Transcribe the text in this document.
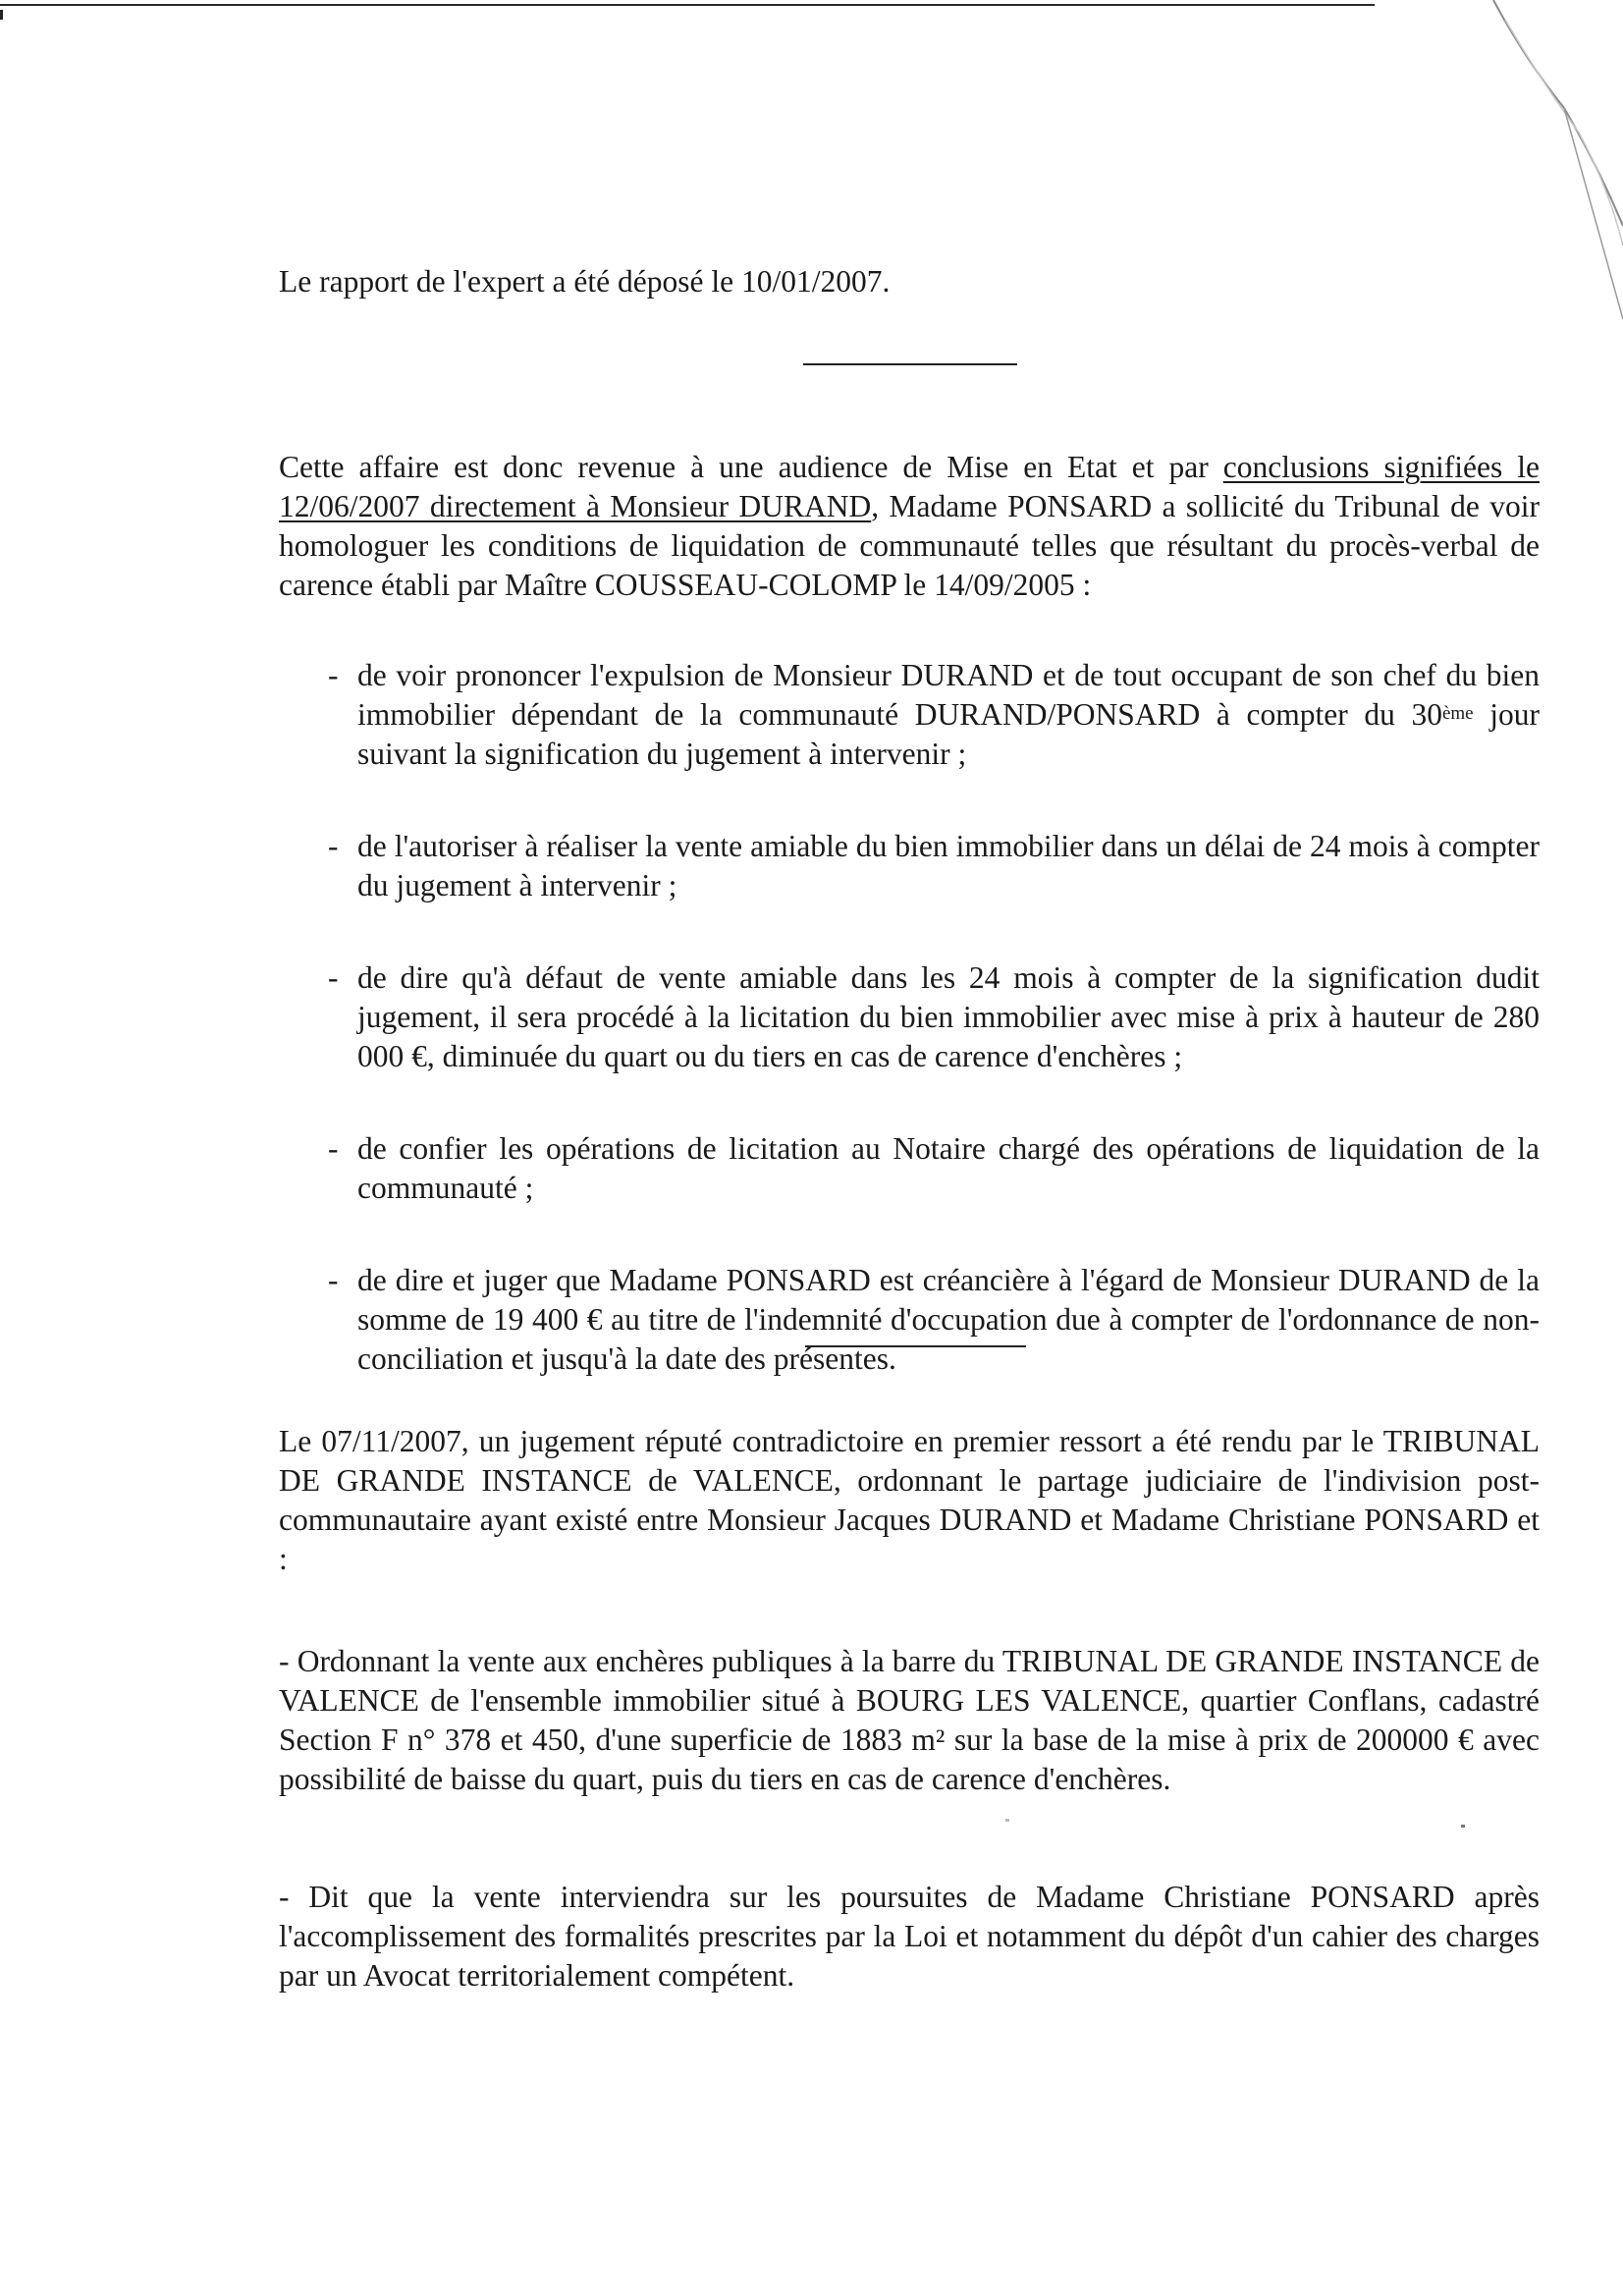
Le rapport de l'expert a été déposé le 10/01/2007.

Cette affaire est donc revenue à une audience de Mise en Etat et par conclusions signifiées le 12/06/2007 directement à Monsieur DURAND, Madame PONSARD a sollicité du Tribunal de voir homologuer les conditions de liquidation de communauté telles que résultant du procès-verbal de carence établi par Maître COUSSEAU-COLOMP le 14/09/2005 :

- de voir prononcer l'expulsion de Monsieur DURAND et de tout occupant de son chef du bien immobilier dépendant de la communauté DURAND/PONSARD à compter du 30ème jour suivant la signification du jugement à intervenir ;

- de l'autoriser à réaliser la vente amiable du bien immobilier dans un délai de 24 mois à compter du jugement à intervenir ;

- de dire qu'à défaut de vente amiable dans les 24 mois à compter de la signification dudit jugement, il sera procédé à la licitation du bien immobilier avec mise à prix à hauteur de 280 000 €, diminuée du quart ou du tiers en cas de carence d'enchères ;

- de confier les opérations de licitation au Notaire chargé des opérations de liquidation de la communauté ;

- de dire et juger que Madame PONSARD est créancière à l'égard de Monsieur DURAND de la somme de 19 400 € au titre de l'indemnité d'occupation due à compter de l'ordonnance de non-conciliation et jusqu'à la date des présentes.

Le 07/11/2007, un jugement réputé contradictoire en premier ressort a été rendu par le TRIBUNAL DE GRANDE INSTANCE de VALENCE, ordonnant le partage judiciaire de l'indivision post-communautaire ayant existé entre Monsieur Jacques DURAND et Madame Christiane PONSARD et :

- Ordonnant la vente aux enchères publiques à la barre du TRIBUNAL DE GRANDE INSTANCE de VALENCE de l'ensemble immobilier situé à BOURG LES VALENCE, quartier Conflans, cadastré Section F n° 378 et 450, d'une superficie de 1883 m² sur la base de la mise à prix de 200000 € avec possibilité de baisse du quart, puis du tiers en cas de carence d'enchères.

- Dit que la vente interviendra sur les poursuites de Madame Christiane PONSARD après l'accomplissement des formalités prescrites par la Loi et notamment du dépôt d'un cahier des charges par un Avocat territorialement compétent.
